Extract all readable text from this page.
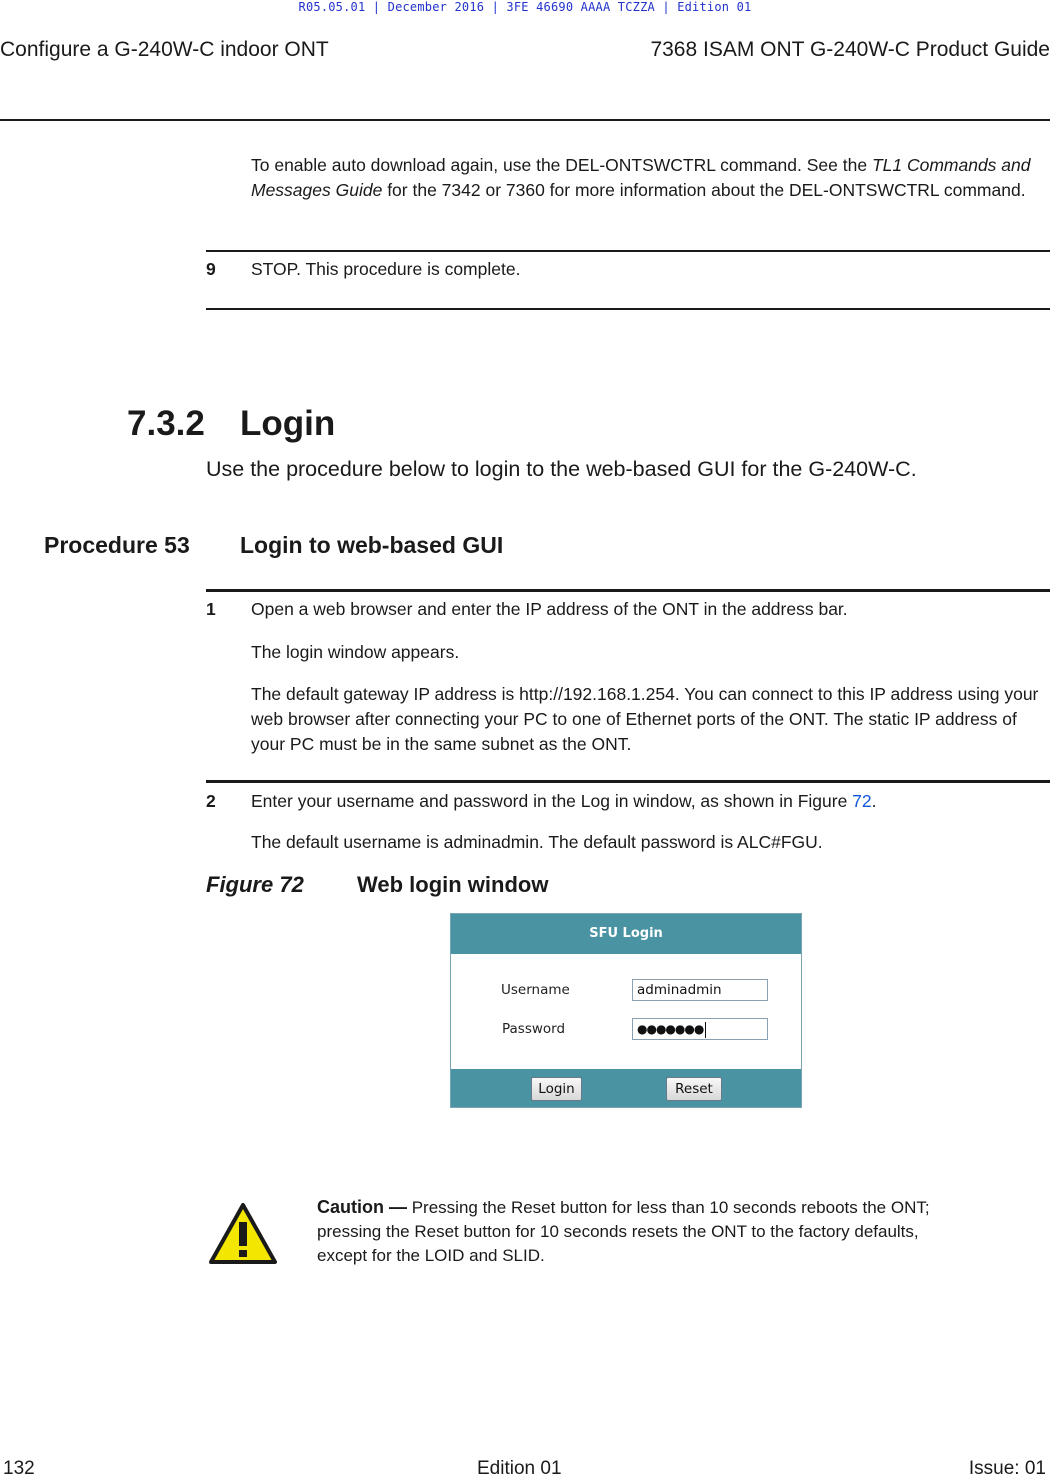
R05.05.01 | December 2016 | 3FE 46690 AAAA TCZZA | Edition 01
Configure a G-240W-C indoor ONT	7368 ISAM ONT G-240W-C Product Guide
To enable auto download again, use the DEL-ONTSWCTRL command. See the TL1 Commands and Messages Guide for the 7342 or 7360 for more information about the DEL-ONTSWCTRL command.
9 STOP. This procedure is complete.
7.3.2 Login
Use the procedure below to login to the web-based GUI for the G-240W-C.
Procedure 53 Login to web-based GUI
1 Open a web browser and enter the IP address of the ONT in the address bar.
The login window appears.
The default gateway IP address is http://192.168.1.254. You can connect to this IP address using your web browser after connecting your PC to one of Ethernet ports of the ONT. The static IP address of your PC must be in the same subnet as the ONT.
2 Enter your username and password in the Log in window, as shown in Figure 72.
The default username is adminadmin. The default password is ALC#FGU.
Figure 72 Web login window
SFU Login
Username	adminadmin
Password	●●●●●●●
Login	Reset
Caution — Pressing the Reset button for less than 10 seconds reboots the ONT; pressing the Reset button for 10 seconds resets the ONT to the factory defaults, except for the LOID and SLID.
132	Edition 01	Issue: 01
